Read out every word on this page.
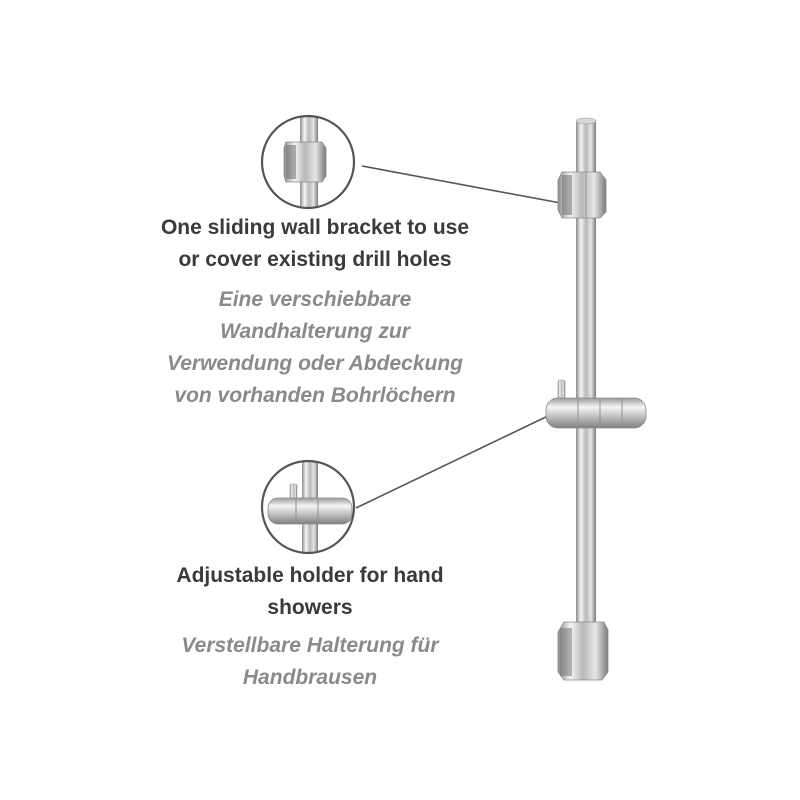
One sliding wall bracket to use
or cover existing drill holes
Eine verschiebbare
Wandhalterung zur
Verwendung oder Abdeckung
von vorhanden Bohrlöchern
Adjustable holder for hand
showers
Verstellbare Halterung für
Handbrausen
